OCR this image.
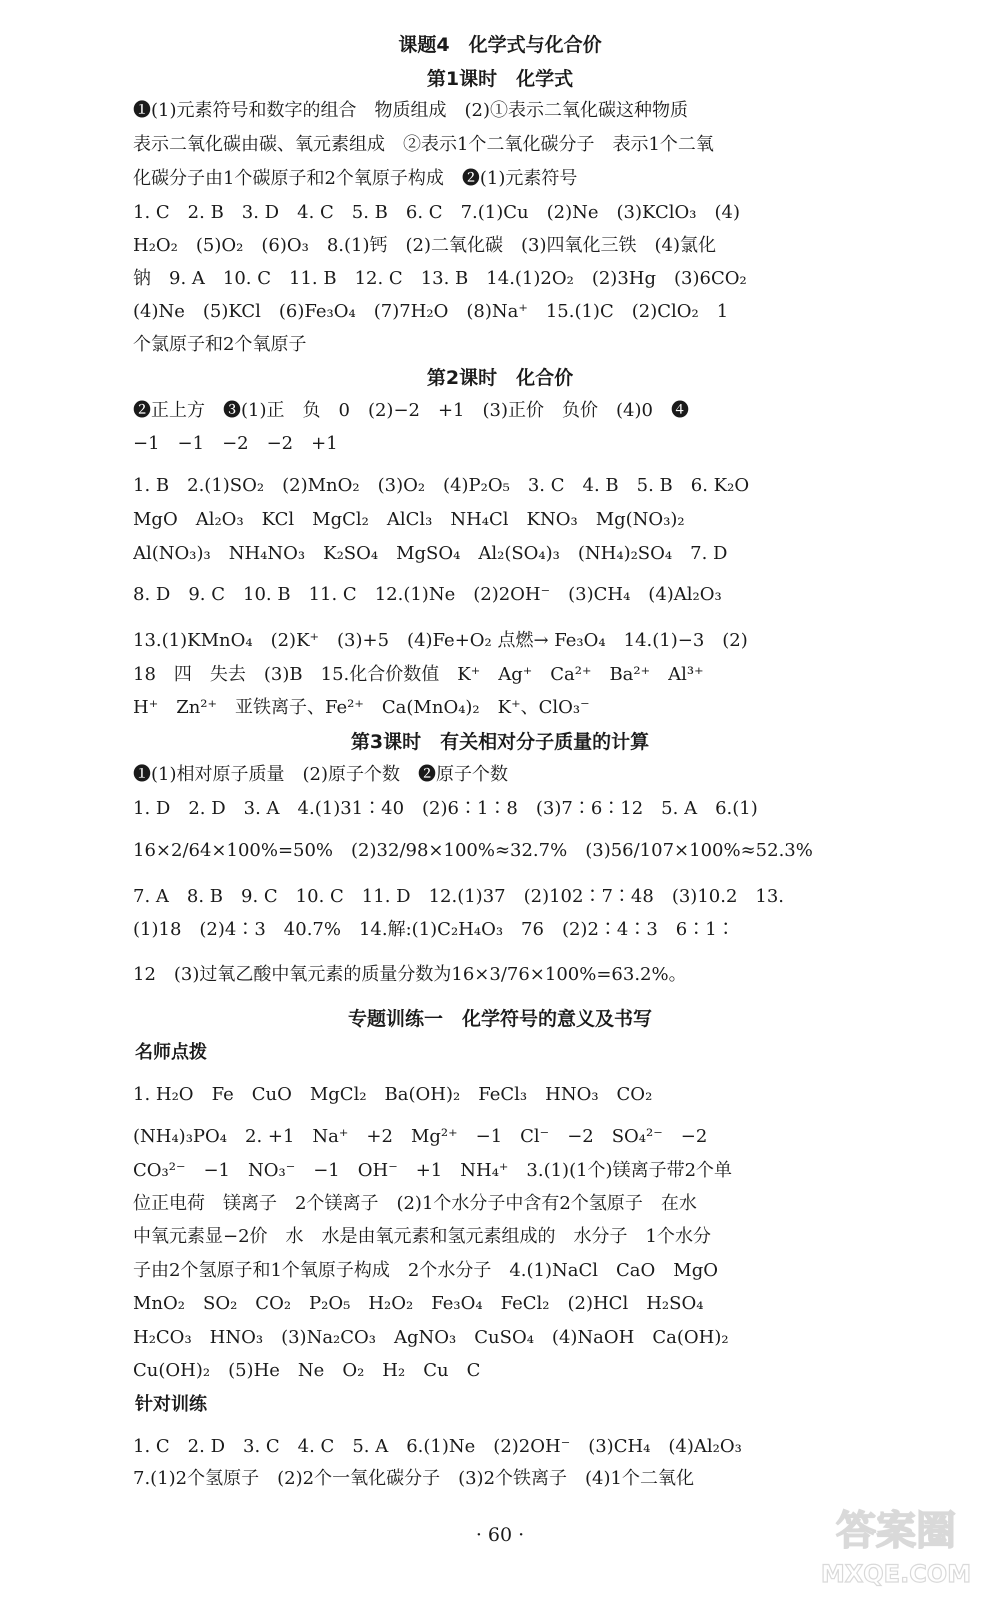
课题4　化学式与化合价
第1课时　化学式
❶(1)元素符号和数字的组合　物质组成　(2)①表示二氧化碳这种物质
表示二氧化碳由碳、氧元素组成　②表示1个二氧化碳分子　表示1个二氧
化碳分子由1个碳原子和2个氧原子构成　❷(1)元素符号
1. C　2. B　3. D　4. C　5. B　6. C　7.(1)Cu　(2)Ne　(3)KClO₃　(4)
H₂O₂　(5)O₂　(6)O₃　8.(1)钙　(2)二氧化碳　(3)四氧化三铁　(4)氯化
钠　9. A　10. C　11. B　12. C　13. B　14.(1)2O₂　(2)3Hg　(3)6CO₂
(4)Ne　(5)KCl　(6)Fe₃O₄　(7)7H₂O　(8)Na⁺　15.(1)C　(2)ClO₂　1
个氯原子和2个氧原子
第2课时　化合价
❷正上方　❸(1)正　负　0　(2)−2　+1　(3)正价　负价　(4)0　❹
−1　−1　−2　−2　+1
1. B　2.(1)SO₂　(2)MnO₂　(3)O₂　(4)P₂O₅　3. C　4. B　5. B　6. K₂O
MgO　Al₂O₃　KCl　MgCl₂　AlCl₃　NH₄Cl　KNO₃　Mg(NO₃)₂
Al(NO₃)₃　NH₄NO₃　K₂SO₄　MgSO₄　Al₂(SO₄)₃　(NH₄)₂SO₄　7. D
8. D　9. C　10. B　11. C　12.(1)Ne　(2)2OH⁻　(3)CH₄　(4)Al₂O₃
13.(1)KMnO₄　(2)K⁺　(3)+5　(4)Fe+O₂ 点燃→ Fe₃O₄　14.(1)−3　(2)
18　四　失去　(3)B　15.化合价数值　K⁺　Ag⁺　Ca²⁺　Ba²⁺　Al³⁺
H⁺　Zn²⁺　亚铁离子、Fe²⁺　Ca(MnO₄)₂　K⁺、ClO₃⁻
第3课时　有关相对分子质量的计算
❶(1)相对原子质量　(2)原子个数　❷原子个数
1. D　2. D　3. A　4.(1)31∶40　(2)6∶1∶8　(3)7∶6∶12　5. A　6.(1)
16×2/64×100%=50%　(2)32/98×100%≈32.7%　(3)56/107×100%≈52.3%
7. A　8. B　9. C　10. C　11. D　12.(1)37　(2)102∶7∶48　(3)10.2　13.
(1)18　(2)4∶3　40.7%　14.解:(1)C₂H₄O₃　76　(2)2∶4∶3　6∶1∶
12　(3)过氧乙酸中氧元素的质量分数为16×3/76×100%=63.2%。
专题训练一　化学符号的意义及书写
名师点拨
1. H₂O　Fe　CuO　MgCl₂　Ba(OH)₂　FeCl₃　HNO₃　CO₂
(NH₄)₃PO₄　2. +1　Na⁺　+2　Mg²⁺　−1　Cl⁻　−2　SO₄²⁻　−2
CO₃²⁻　−1　NO₃⁻　−1　OH⁻　+1　NH₄⁺　3.(1)(1个)镁离子带2个单
位正电荷　镁离子　2个镁离子　(2)1个水分子中含有2个氢原子　在水
中氧元素显−2价　水　水是由氧元素和氢元素组成的　水分子　1个水分
子由2个氢原子和1个氧原子构成　2个水分子　4.(1)NaCl　CaO　MgO
MnO₂　SO₂　CO₂　P₂O₅　H₂O₂　Fe₃O₄　FeCl₂　(2)HCl　H₂SO₄
H₂CO₃　HNO₃　(3)Na₂CO₃　AgNO₃　CuSO₄　(4)NaOH　Ca(OH)₂
Cu(OH)₂　(5)He　Ne　O₂　H₂　Cu　C
针对训练
1. C　2. D　3. C　4. C　5. A　6.(1)Ne　(2)2OH⁻　(3)CH₄　(4)Al₂O₃
7.(1)2个氢原子　(2)2个一氧化碳分子　(3)2个铁离子　(4)1个二氧化
· 60 ·	答案圈
MXQE.COM
